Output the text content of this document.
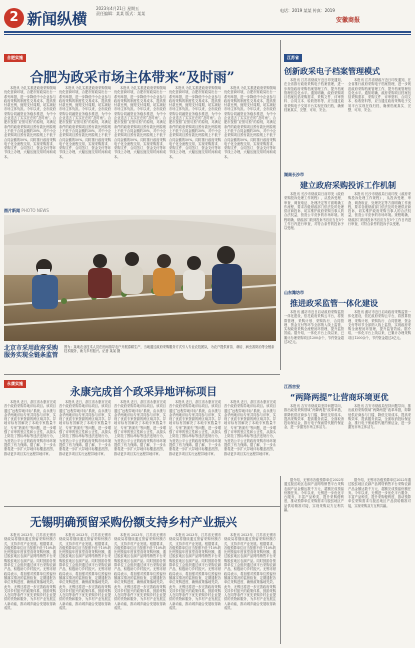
2 新闻纵横
2023年4月21日 星期五
责任编辑：某某 版式：某某
电话：2019 某某 传真：2019
安徽商报
合肥实施
合肥为政采市场主体带来“及时雨”

本报讯 为扎实推进政府采购领域优化营商环境，合肥市财政局出台一系列举措，进一步降低中小企业参与政府采购的制度性交易成本，提高预付款比例，缩短支付周期，切实减轻市场主体负担。今年以来，全市政府采购合同融资业务稳步推进，为中小企业送去了实实在在的“及时雨”。合肥市按照“应预尽预”的原则，对满足条件的政府采购项目预付款比例原则上不低于合同金额的30%，对中小企业采购项目预付款比例原则上不低于合同金额的50%。同时推行政府采购电子化全流程交易，实现采购需求、采购文件、合同签订、资金支付等环节线上办理，大幅压缩交易时间和成本。

本报讯 为扎实推进政府采购领域优化营商环境，合肥市财政局出台一系列举措，进一步降低中小企业参与政府采购的制度性交易成本，提高预付款比例，缩短支付周期，切实减轻市场主体负担。今年以来，全市政府采购合同融资业务稳步推进，为中小企业送去了实实在在的“及时雨”。合肥市按照“应预尽预”的原则，对满足条件的政府采购项目预付款比例原则上不低于合同金额的30%，对中小企业采购项目预付款比例原则上不低于合同金额的50%。同时推行政府采购电子化全流程交易，实现采购需求、采购文件、合同签订、资金支付等环节线上办理，大幅压缩交易时间和成本。

本报讯 为扎实推进政府采购领域优化营商环境，合肥市财政局出台一系列举措，进一步降低中小企业参与政府采购的制度性交易成本，提高预付款比例，缩短支付周期，切实减轻市场主体负担。今年以来，全市政府采购合同融资业务稳步推进，为中小企业送去了实实在在的“及时雨”。合肥市按照“应预尽预”的原则，对满足条件的政府采购项目预付款比例原则上不低于合同金额的30%，对中小企业采购项目预付款比例原则上不低于合同金额的50%。同时推行政府采购电子化全流程交易，实现采购需求、采购文件、合同签订、资金支付等环节线上办理，大幅压缩交易时间和成本。

本报讯 为扎实推进政府采购领域优化营商环境，合肥市财政局出台一系列举措，进一步降低中小企业参与政府采购的制度性交易成本，提高预付款比例，缩短支付周期，切实减轻市场主体负担。今年以来，全市政府采购合同融资业务稳步推进，为中小企业送去了实实在在的“及时雨”。合肥市按照“应预尽预”的原则，对满足条件的政府采购项目预付款比例原则上不低于合同金额的30%，对中小企业采购项目预付款比例原则上不低于合同金额的50%。同时推行政府采购电子化全流程交易，实现采购需求、采购文件、合同签订、资金支付等环节线上办理，大幅压缩交易时间和成本。

本报讯 为扎实推进政府采购领域优化营商环境，合肥市财政局出台一系列举措，进一步降低中小企业参与政府采购的制度性交易成本，提高预付款比例，缩短支付周期，切实减轻市场主体负担。今年以来，全市政府采购合同融资业务稳步推进，为中小企业送去了实实在在的“及时雨”。合肥市按照“应预尽预”的原则，对满足条件的政府采购项目预付款比例原则上不低于合同金额的30%，对中小企业采购项目预付款比例原则上不低于合同金额的50%。同时推行政府采购电子化全流程交易，实现采购需求、采购文件、合同签订、资金支付等环节线上办理，大幅压缩交易时间和成本。

图片新闻 PHOTO NEWS
北京市采用政府采购服务实现全链条监管
图为：某地农业技术人员在田间指导农户开展春耕生产，当地通过政府采购服务方式引入专业农技团队，为农户提供育苗、栽培、病虫害防治等全链条技术服务，助力乡村振兴。记者 某某 摄
江苏省
创新政采电子档案管理模式

本报讯 江苏省财政厅近日印发通知，在全省推行政府采购电子档案管理，进一步规范政府采购档案管理工作，提升档案管理信息化水平。通知明确，政府采购项目档案包括采购需求、采购文件、评审资料、合同文本、验收资料等，应当通过政府采购电子交易平台实现在线归档，确保档案真实、完整、可用、安全。

本报讯 江苏省财政厅近日印发通知，在全省推行政府采购电子档案管理，进一步规范政府采购档案管理工作，提升档案管理信息化水平。通知明确，政府采购项目档案包括采购需求、采购文件、评审资料、合同文本、验收资料等，应当通过政府采购电子交易平台实现在线归档，确保档案真实、完整、可用、安全。

湖南长沙市
建立政府采购投诉工作机制

本报讯 长沙市财政局日前印发《政府采购投诉处理工作规程》，从投诉受理、审查、调查取证、处理决定等方面明确工作流程，要求各级财政部门依法及时处理供应商投诉，切实维护政府采购当事人的合法权益，营造公平竞争的市场环境。规程明确，财政部门收到投诉书后应当在5个工作日内进行审查，对符合条件的投诉予以受理。

本报讯 长沙市财政局日前印发《政府采购投诉处理工作规程》，从投诉受理、审查、调查取证、处理决定等方面明确工作流程，要求各级财政部门依法及时处理供应商投诉，切实维护政府采购当事人的合法权益，营造公平竞争的市场环境。规程明确，财政部门收到投诉书后应当在5个工作日内进行审查，对符合条件的投诉予以受理。

山东潍坊市
推进政采监管一体化建设

本报讯 潍坊市近日启动政府采购监管一体化建设，依托政府采购云平台，将预算管理、采购计划、采购执行、合同管理、资金支付等环节全部纳入线上监管，实现政府采购全流程闭环管理，提升监管效能。据介绍，一体化平台上线以来，已累计办理采购项目1200余个，节约资金超过3亿元。

本报讯 潍坊市近日启动政府采购监管一体化建设，依托政府采购云平台，将预算管理、采购计划、采购执行、合同管理、资金支付等环节全部纳入线上监管，实现政府采购全流程闭环管理，提升监管效能。据介绍，一体化平台上线以来，已累计办理采购项目1200余个，节约资金超过3亿元。

江西吉安
“两降两提”让营商环境更优

本报讯 吉安市财政局坚持问题导向，推出政府采购领域“两降两提”改革举措，即降低供应商参与门槛、降低交易成本，提高采购效率、提高服务质量，全面取消投标保证金，推行电子保函替代履约保证金，进一步激发市场主体活力。

本报讯 吉安市财政局坚持问题导向，推出政府采购领域“两降两提”改革举措，即降低供应商参与门槛、降低交易成本，提高采购效率、提高服务质量，全面取消投标保证金，推行电子保函替代履约保证金，进一步激发市场主体活力。

永康实施
永康完成首个政采异地评标项目

本报讯 近日，浙江省永康市完成首个政府采购异地评标项目。该项目通过“远程异地评标”系统，由永康与金华两地评标专家共同参与评审，实现了优质专家资源的跨区域共享。异地评标有效解决了本地专家数量不足、专家“熟面孔”等问题，进一步增强了评审的独立性和公正性，从源头上防范了围标串标等违法违规行为，为营造公平公正的政府采购市场环境提供了有力保障。据了解，下一步永康将进一步扩大异地评标覆盖范围，推动更多项目实行远程异地评审。

本报讯 近日，浙江省永康市完成首个政府采购异地评标项目。该项目通过“远程异地评标”系统，由永康与金华两地评标专家共同参与评审，实现了优质专家资源的跨区域共享。异地评标有效解决了本地专家数量不足、专家“熟面孔”等问题，进一步增强了评审的独立性和公正性，从源头上防范了围标串标等违法违规行为，为营造公平公正的政府采购市场环境提供了有力保障。据了解，下一步永康将进一步扩大异地评标覆盖范围，推动更多项目实行远程异地评审。

本报讯 近日，浙江省永康市完成首个政府采购异地评标项目。该项目通过“远程异地评标”系统，由永康与金华两地评标专家共同参与评审，实现了优质专家资源的跨区域共享。异地评标有效解决了本地专家数量不足、专家“熟面孔”等问题，进一步增强了评审的独立性和公正性，从源头上防范了围标串标等违法违规行为，为营造公平公正的政府采购市场环境提供了有力保障。据了解，下一步永康将进一步扩大异地评标覆盖范围，推动更多项目实行远程异地评审。

本报讯 近日，浙江省永康市完成首个政府采购异地评标项目。该项目通过“远程异地评标”系统，由永康与金华两地评标专家共同参与评审，实现了优质专家资源的跨区域共享。异地评标有效解决了本地专家数量不足、专家“熟面孔”等问题，进一步增强了评审的独立性和公正性，从源头上防范了围标串标等违法违规行为，为营造公平公正的政府采购市场环境提供了有力保障。据了解，下一步永康将进一步扩大异地评标覆盖范围，推动更多项目实行远程异地评审。

本报讯 近日，浙江省永康市完成首个政府采购异地评标项目。该项目通过“远程异地评标”系统，由永康与金华两地评标专家共同参与评审，实现了优质专家资源的跨区域共享。异地评标有效解决了本地专家数量不足、专家“熟面孔”等问题，进一步增强了评审的独立性和公正性，从源头上防范了围标串标等违法违规行为，为营造公平公正的政府采购市场环境提供了有力保障。据了解，下一步永康将进一步扩大异地评标覆盖范围，推动更多项目实行远程异地评审。

无锡明确预留采购份额支持乡村产业振兴

本报讯 2023年，江苏省无锡市财政局将继续通过预留采购份额方式，支持乡村产业发展。根据要求，各级预算单位应当按照不低于10%的比例预留年度食堂食材采购份额，通过脱贫地区农副产品网络销售平台采购脱贫地区农副产品。同时鼓励各预算单位工会组织通过该平台采购农副产品，积极助力乡村振兴。无锡市财政局表示，将加强对预算单位预留份额落实情况的监督检查，定期通报各单位采购进度，确保政策落地见效。此外，无锡还将进一步完善政府采购支持乡村振兴的政策体系，鼓励采购人在同等条件下优先采购乡村企业提供的货物和服务，为乡村产业发展注入新动能，推动城乡融合发展取得新成效。

本报讯 2023年，江苏省无锡市财政局将继续通过预留采购份额方式，支持乡村产业发展。根据要求，各级预算单位应当按照不低于10%的比例预留年度食堂食材采购份额，通过脱贫地区农副产品网络销售平台采购脱贫地区农副产品。同时鼓励各预算单位工会组织通过该平台采购农副产品，积极助力乡村振兴。无锡市财政局表示，将加强对预算单位预留份额落实情况的监督检查，定期通报各单位采购进度，确保政策落地见效。此外，无锡还将进一步完善政府采购支持乡村振兴的政策体系，鼓励采购人在同等条件下优先采购乡村企业提供的货物和服务，为乡村产业发展注入新动能，推动城乡融合发展取得新成效。

本报讯 2023年，江苏省无锡市财政局将继续通过预留采购份额方式，支持乡村产业发展。根据要求，各级预算单位应当按照不低于10%的比例预留年度食堂食材采购份额，通过脱贫地区农副产品网络销售平台采购脱贫地区农副产品。同时鼓励各预算单位工会组织通过该平台采购农副产品，积极助力乡村振兴。无锡市财政局表示，将加强对预算单位预留份额落实情况的监督检查，定期通报各单位采购进度，确保政策落地见效。此外，无锡还将进一步完善政府采购支持乡村振兴的政策体系，鼓励采购人在同等条件下优先采购乡村企业提供的货物和服务，为乡村产业发展注入新动能，推动城乡融合发展取得新成效。

本报讯 2023年，江苏省无锡市财政局将继续通过预留采购份额方式，支持乡村产业发展。根据要求，各级预算单位应当按照不低于10%的比例预留年度食堂食材采购份额，通过脱贫地区农副产品网络销售平台采购脱贫地区农副产品。同时鼓励各预算单位工会组织通过该平台采购农副产品，积极助力乡村振兴。无锡市财政局表示，将加强对预算单位预留份额落实情况的监督检查，定期通报各单位采购进度，确保政策落地见效。此外，无锡还将进一步完善政府采购支持乡村振兴的政策体系，鼓励采购人在同等条件下优先采购乡村企业提供的货物和服务，为乡村产业发展注入新动能，推动城乡融合发展取得新成效。

本报讯 2023年，江苏省无锡市财政局将继续通过预留采购份额方式，支持乡村产业发展。根据要求，各级预算单位应当按照不低于10%的比例预留年度食堂食材采购份额，通过脱贫地区农副产品网络销售平台采购脱贫地区农副产品。同时鼓励各预算单位工会组织通过该平台采购农副产品，积极助力乡村振兴。无锡市财政局表示，将加强对预算单位预留份额落实情况的监督检查，定期通报各单位采购进度，确保政策落地见效。此外，无锡还将进一步完善政府采购支持乡村振兴的政策体系，鼓励采购人在同等条件下优先采购乡村企业提供的货物和服务，为乡村产业发展注入新动能，推动城乡融合发展取得新成效。

据介绍，无锡市各级预算单位2022年通过脱贫地区农副产品网络销售平台采购农副产品金额达数千万元，超额完成预留份额任务。今年以来，无锡进一步优化平台服务，丰富产品种类，提升采购便利度，推动预算单位采购需求与脱贫地区产品供给精准对接，实现采购双方互利共赢。

据介绍，无锡市各级预算单位2022年通过脱贫地区农副产品网络销售平台采购农副产品金额达数千万元，超额完成预留份额任务。今年以来，无锡进一步优化平台服务，丰富产品种类，提升采购便利度，推动预算单位采购需求与脱贫地区产品供给精准对接，实现采购双方互利共赢。
